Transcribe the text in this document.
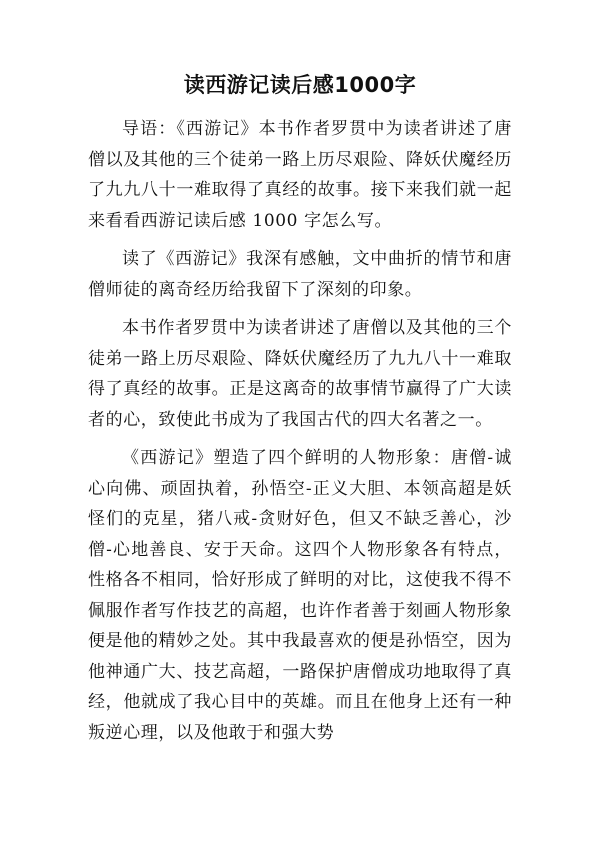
读西游记读后感1000字

导语：《西游记》本书作者罗贯中为读者讲述了唐僧以及其他的三个徒弟一路上历尽艰险、降妖伏魔经历了九九八十一难取得了真经的故事。接下来我们就一起来看看西游记读后感 1000 字怎么写。

读了《西游记》我深有感触，文中曲折的情节和唐僧师徒的离奇经历给我留下了深刻的印象。

本书作者罗贯中为读者讲述了唐僧以及其他的三个徒弟一路上历尽艰险、降妖伏魔经历了九九八十一难取得了真经的故事。正是这离奇的故事情节赢得了广大读者的心，致使此书成为了我国古代的四大名著之一。

《西游记》塑造了四个鲜明的人物形象：唐僧-诚心向佛、顽固执着，孙悟空-正义大胆、本领高超是妖怪们的克星，猪八戒-贪财好色，但又不缺乏善心，沙僧-心地善良、安于天命。这四个人物形象各有特点，性格各不相同，恰好形成了鲜明的对比，这使我不得不佩服作者写作技艺的高超，也许作者善于刻画人物形象便是他的精妙之处。其中我最喜欢的便是孙悟空，因为他神通广大、技艺高超，一路保护唐僧成功地取得了真经，他就成了我心目中的英雄。而且在他身上还有一种叛逆心理，以及他敢于和强大势
